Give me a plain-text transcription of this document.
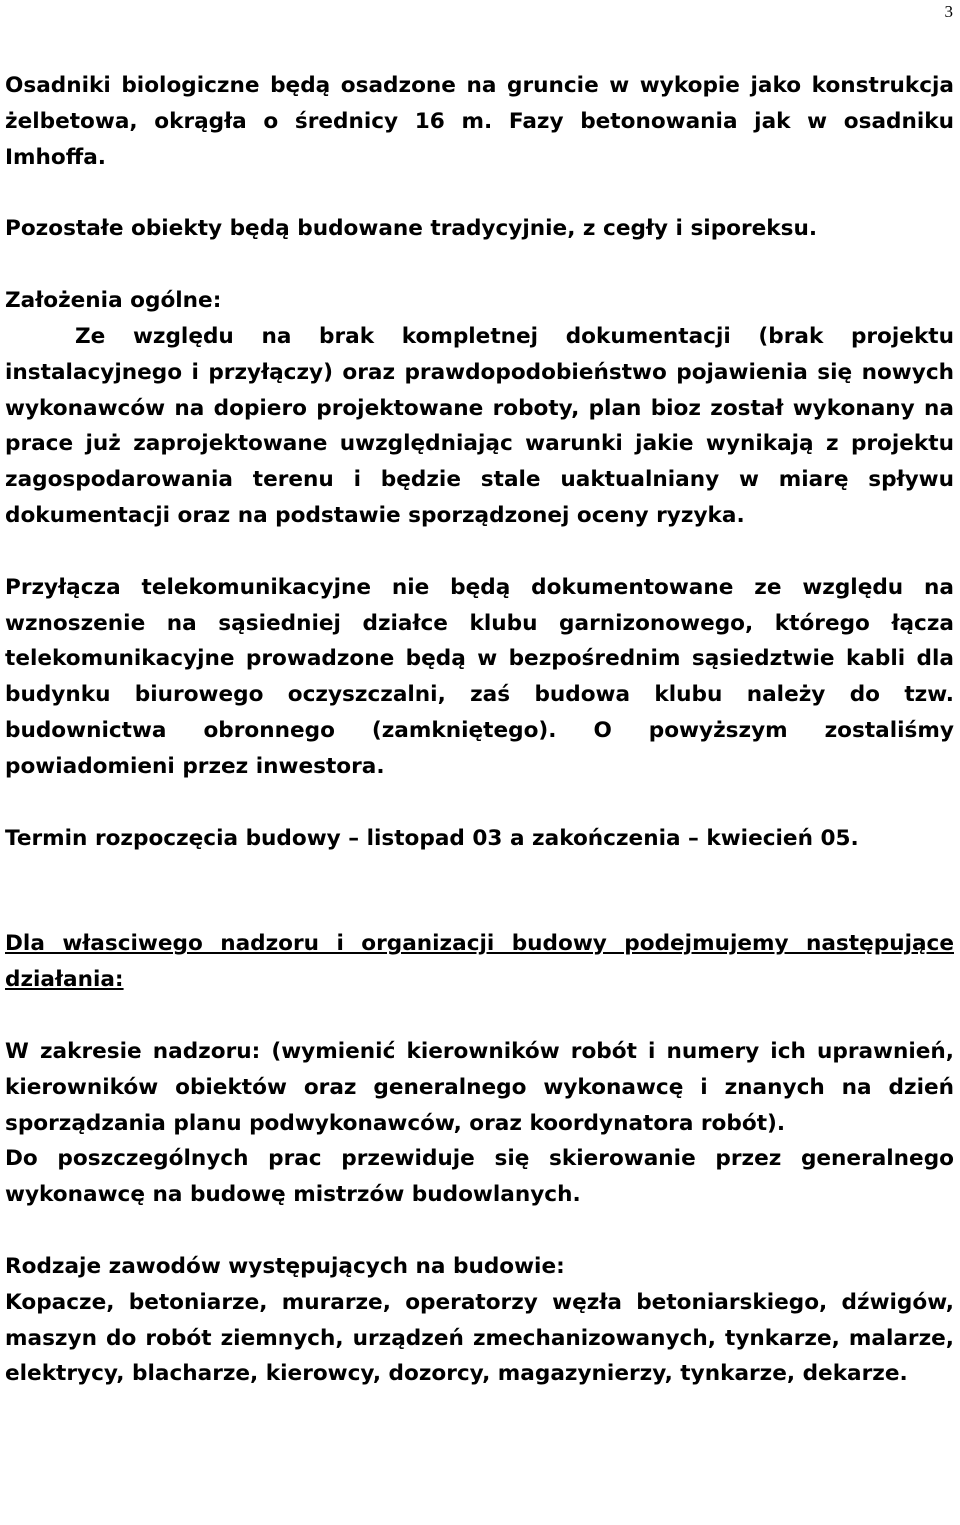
3

Osadniki biologiczne będą osadzone na gruncie w wykopie jako konstrukcja żelbetowa, okrągła o średnicy 16 m. Fazy betonowania jak w osadniku Imhoffa.

Pozostałe obiekty będą budowane tradycyjnie, z cegły i siporeksu.

Założenia ogólne:

Ze względu na brak kompletnej dokumentacji (brak projektu instalacyjnego i przyłączy) oraz prawdopodobieństwo pojawienia się nowych wykonawców na dopiero projektowane roboty, plan bioz został wykonany na prace już zaprojektowane uwzględniając warunki jakie wynikają z projektu zagospodarowania terenu i będzie stale uaktualniany w miarę spływu dokumentacji oraz na podstawie sporządzonej oceny ryzyka.

Przyłącza telekomunikacyjne nie będą dokumentowane ze względu na wznoszenie na sąsiedniej działce klubu garnizonowego, którego łącza telekomunikacyjne prowadzone będą w bezpośrednim sąsiedztwie kabli dla budynku biurowego oczyszczalni, zaś budowa klubu należy do tzw. budownictwa obronnego (zamkniętego). O powyższym zostaliśmy powiadomieni przez inwestora.

Termin rozpoczęcia budowy – listopad 03 a zakończenia – kwiecień 05.

Dla własciwego nadzoru i organizacji budowy podejmujemy następujące działania:

W zakresie nadzoru: (wymienić kierowników robót i numery ich uprawnień, kierowników obiektów oraz generalnego wykonawcę i znanych na dzień sporządzania planu podwykonawców, oraz koordynatora robót).

Do poszczególnych prac przewiduje się skierowanie przez generalnego wykonawcę na budowę mistrzów budowlanych.

Rodzaje zawodów występujących na budowie:

Kopacze, betoniarze, murarze, operatorzy węzła betoniarskiego, dźwigów, maszyn do robót ziemnych, urządzeń zmechanizowanych, tynkarze, malarze, elektrycy, blacharze, kierowcy, dozorcy, magazynierzy, tynkarze, dekarze.
